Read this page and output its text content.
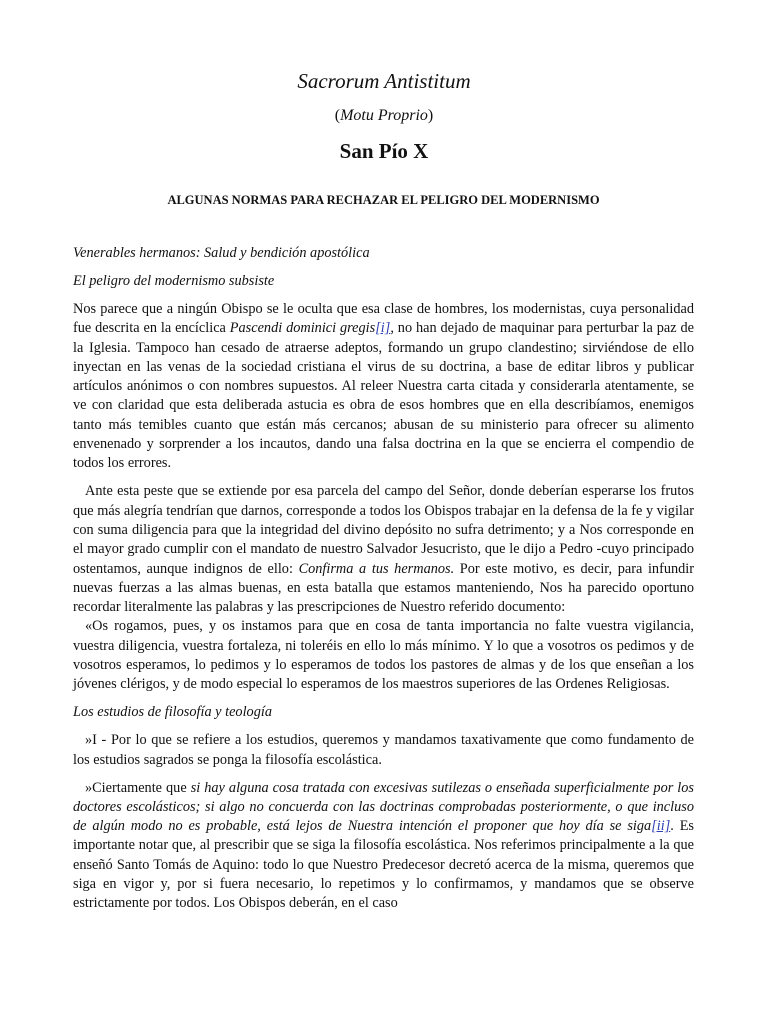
Sacrorum Antistitum
(Motu Proprio)
San Pío X
ALGUNAS NORMAS PARA RECHAZAR EL PELIGRO DEL MODERNISMO

Venerables hermanos: Salud y bendición apostólica

El peligro del modernismo subsiste

Nos parece que a ningún Obispo se le oculta que esa clase de hombres, los modernistas, cuya personalidad fue descrita en la encíclica Pascendi dominici gregis[i], no han dejado de maquinar para perturbar la paz de la Iglesia. Tampoco han cesado de atraerse adeptos, formando un grupo clandestino; sirviéndose de ello inyectan en las venas de la sociedad cristiana el virus de su doctrina, a base de editar libros y publicar artículos anónimos o con nombres supuestos. Al releer Nuestra carta citada y considerarla atentamente, se ve con claridad que esta deliberada astucia es obra de esos hombres que en ella describíamos, enemigos tanto más temibles cuanto que están más cercanos; abusan de su ministerio para ofrecer su alimento envenenado y sorprender a los incautos, dando una falsa doctrina en la que se encierra el compendio de todos los errores.

Ante esta peste que se extiende por esa parcela del campo del Señor, donde deberían esperarse los frutos que más alegría tendrían que darnos, corresponde a todos los Obispos trabajar en la defensa de la fe y vigilar con suma diligencia para que la integridad del divino depósito no sufra detrimento; y a Nos corresponde en el mayor grado cumplir con el mandato de nuestro Salvador Jesucristo, que le dijo a Pedro -cuyo principado ostentamos, aunque indignos de ello: Confirma a tus hermanos. Por este motivo, es decir, para infundir nuevas fuerzas a las almas buenas, en esta batalla que estamos manteniendo, Nos ha parecido oportuno recordar literalmente las palabras y las prescripciones de Nuestro referido documento:
«Os rogamos, pues, y os instamos para que en cosa de tanta importancia no falte vuestra vigilancia, vuestra diligencia, vuestra fortaleza, ni toleréis en ello lo más mínimo. Y lo que a vosotros os pedimos y de vosotros esperamos, lo pedimos y lo esperamos de todos los pastores de almas y de los que enseñan a los jóvenes clérigos, y de modo especial lo esperamos de los maestros superiores de las Ordenes Religiosas.

Los estudios de filosofía y teología

»I - Por lo que se refiere a los estudios, queremos y mandamos taxativamente que como fundamento de los estudios sagrados se ponga la filosofía escolástica.

»Ciertamente que si hay alguna cosa tratada con excesivas sutilezas o enseñada superficialmente por los doctores escolásticos; si algo no concuerda con las doctrinas comprobadas posteriormente, o que incluso de algún modo no es probable, está lejos de Nuestra intención el proponer que hoy día se siga[ii]. Es importante notar que, al prescribir que se siga la filosofía escolástica. Nos referimos principalmente a la que enseñó Santo Tomás de Aquino: todo lo que Nuestro Predecesor decretó acerca de la misma, queremos que siga en vigor y, por si fuera necesario, lo repetimos y lo confirmamos, y mandamos que se observe estrictamente por todos. Los Obispos deberán, en el caso
